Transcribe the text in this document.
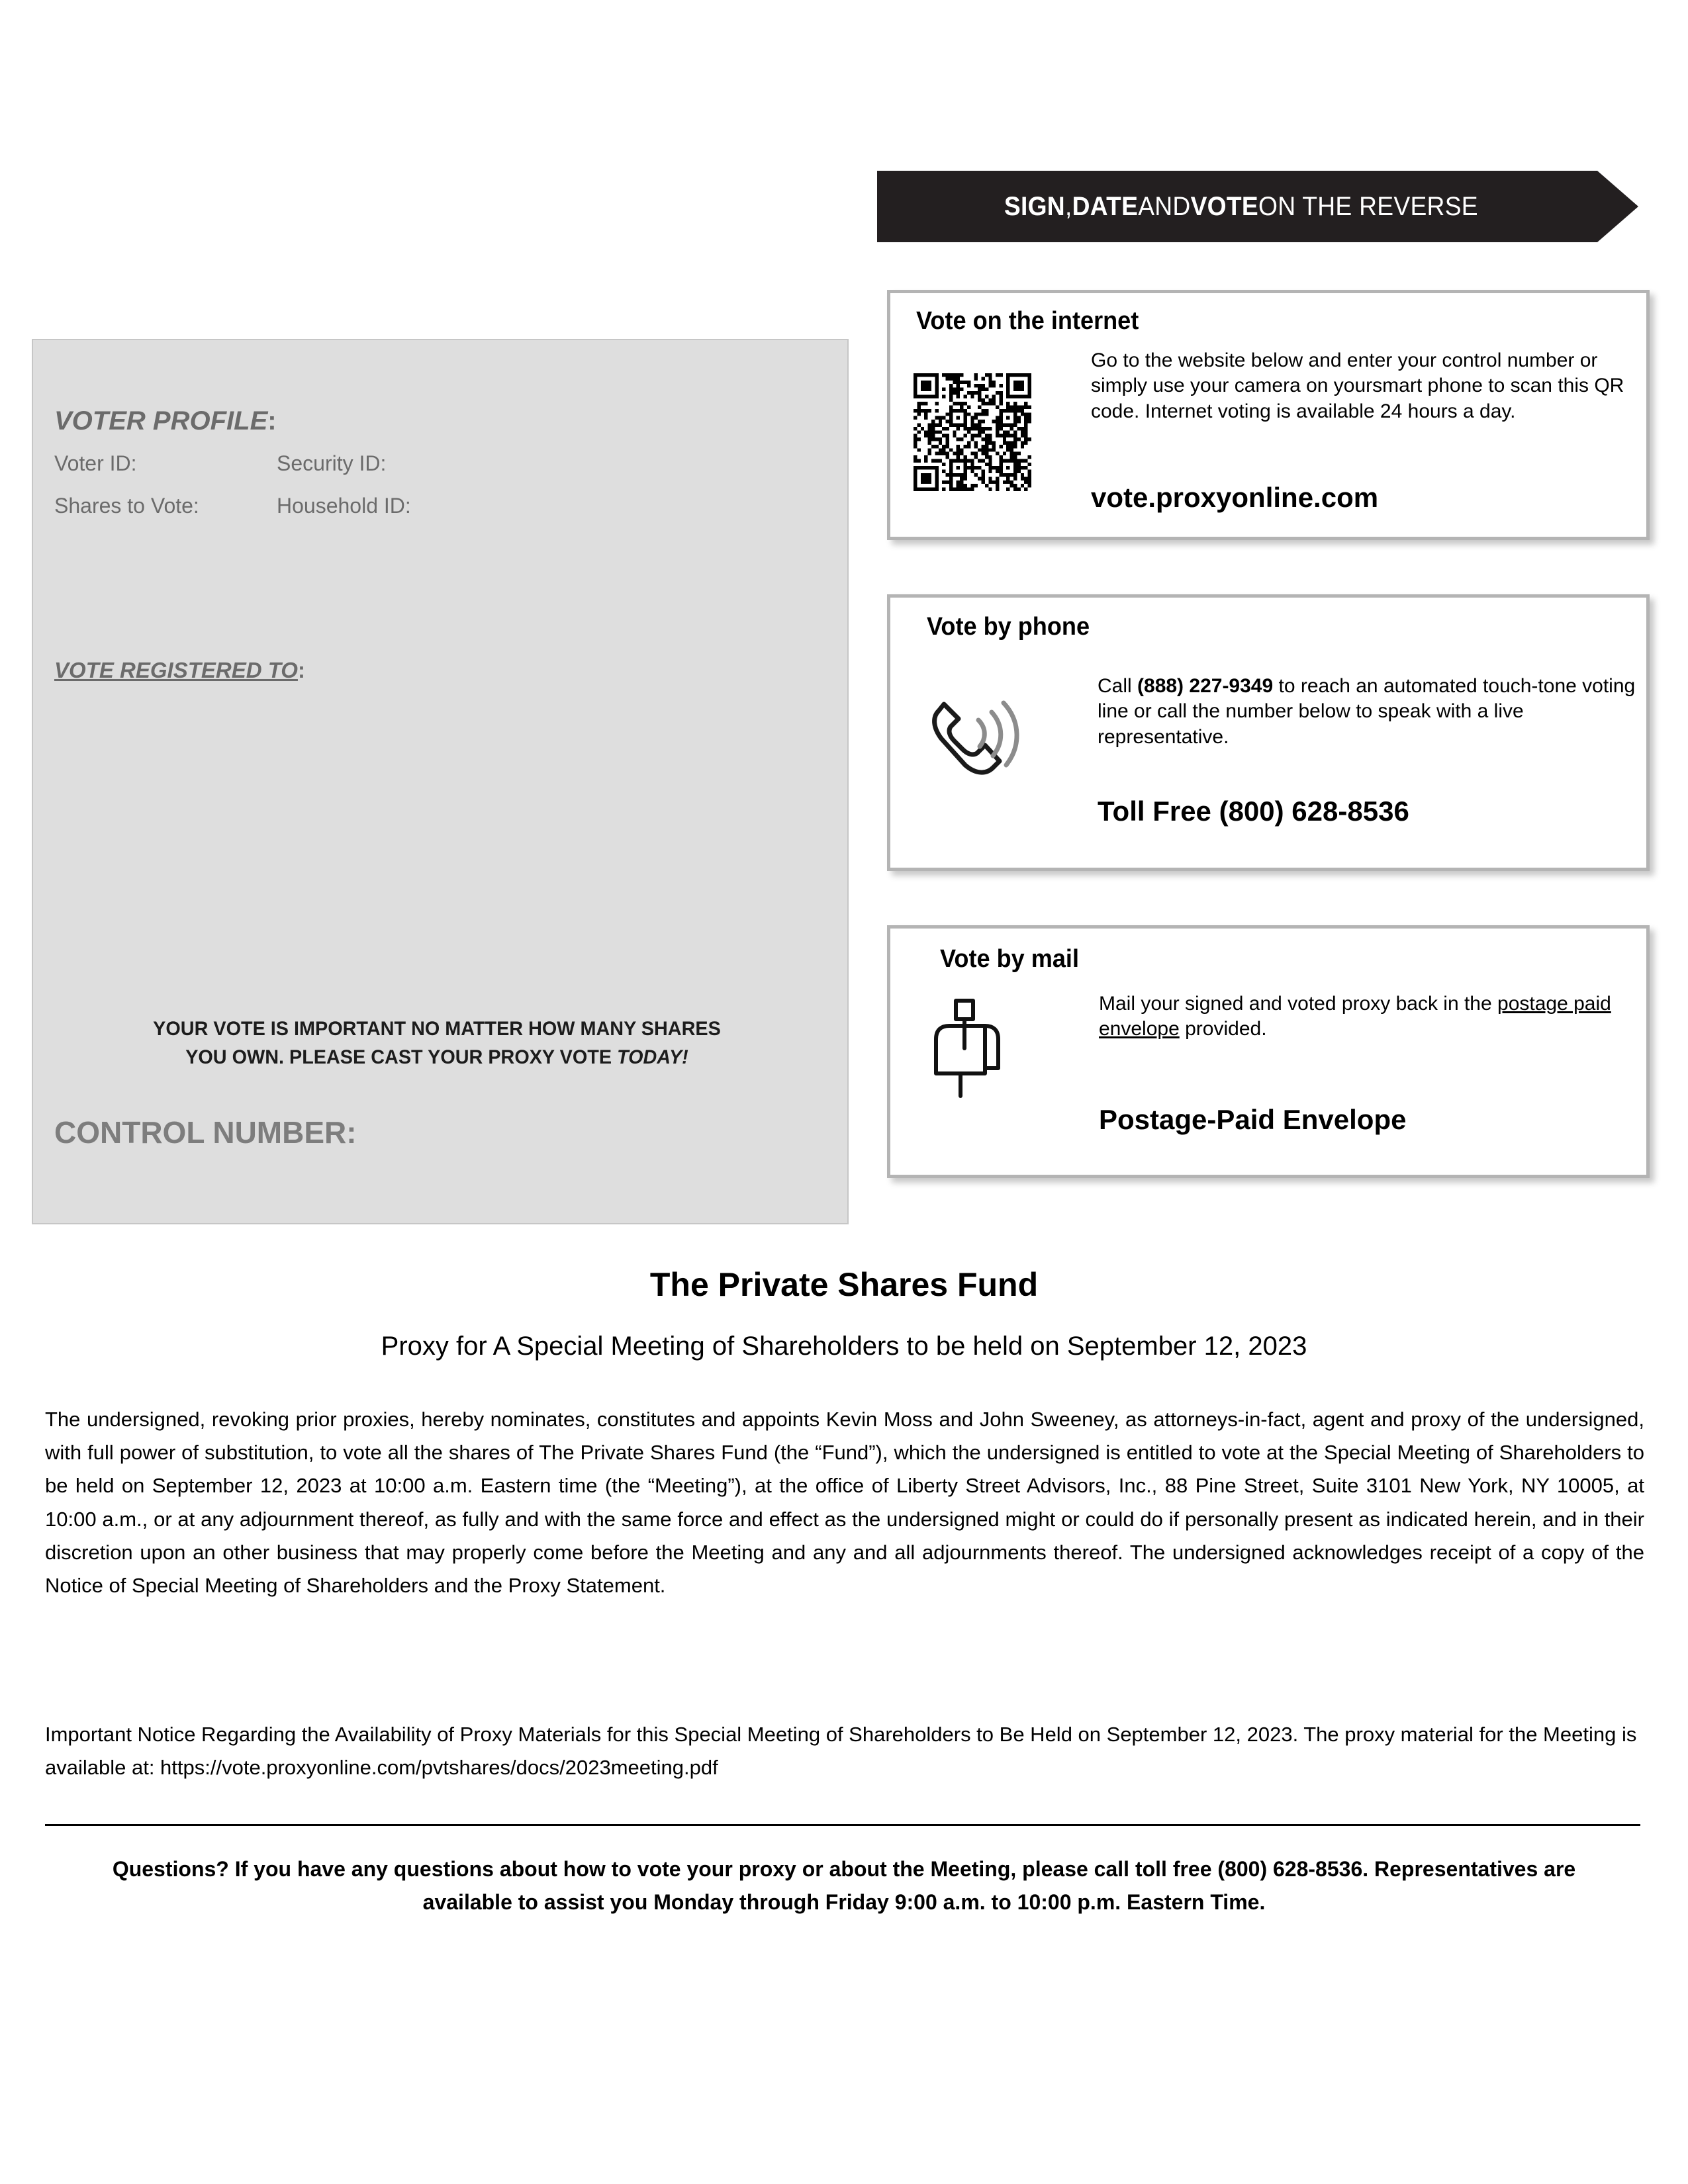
SIGN , DATE AND VOTE ON THE REVERSE
VOTER PROFILE:
Voter ID:	Security ID:
Shares to Vote:	Household ID:
VOTE REGISTERED TO:
YOUR VOTE IS IMPORTANT NO MATTER HOW MANY SHARES
YOU OWN. PLEASE CAST YOUR PROXY VOTE TODAY!
CONTROL NUMBER:
Vote on the internet
Go to the website below and enter your control number or simply use your camera on yoursmart phone to scan this QR code. Internet voting is available 24 hours a day.
vote.proxyonline.com
Vote by phone
Call (888) 227-9349 to reach an automated touch-tone voting line or call the number below to speak with a live representative.
Toll Free (800) 628-8536
Vote by mail
Mail your signed and voted proxy back in the postage paid envelope provided.
Postage-Paid Envelope
The Private Shares Fund
Proxy for A Special Meeting of Shareholders to be held on September 12, 2023
The undersigned, revoking prior proxies, hereby nominates, constitutes and appoints Kevin Moss and John Sweeney, as attorneys-in-fact, agent and proxy of the undersigned, with full power of substitution, to vote all the shares of The Private Shares Fund (the “Fund”), which the undersigned is entitled to vote at the Special Meeting of Shareholders to be held on September 12, 2023 at 10:00 a.m. Eastern time (the “Meeting”), at the office of Liberty Street Advisors, Inc., 88 Pine Street, Suite 3101 New York, NY 10005, at 10:00 a.m., or at any adjournment thereof, as fully and with the same force and effect as the undersigned might or could do if personally present as indicated herein, and in their discretion upon an other business that may properly come before the Meeting and any and all adjournments thereof. The undersigned acknowledges receipt of a copy of the Notice of Special Meeting of Shareholders and the Proxy Statement.
Important Notice Regarding the Availability of Proxy Materials for this Special Meeting of Shareholders to Be Held on September 12, 2023. The proxy material for the Meeting is available at: https://vote.proxyonline.com/pvtshares/docs/2023meeting.pdf
Questions? If you have any questions about how to vote your proxy or about the Meeting, please call toll free (800) 628-8536. Representatives are available to assist you Monday through Friday 9:00 a.m. to 10:00 p.m. Eastern Time.
